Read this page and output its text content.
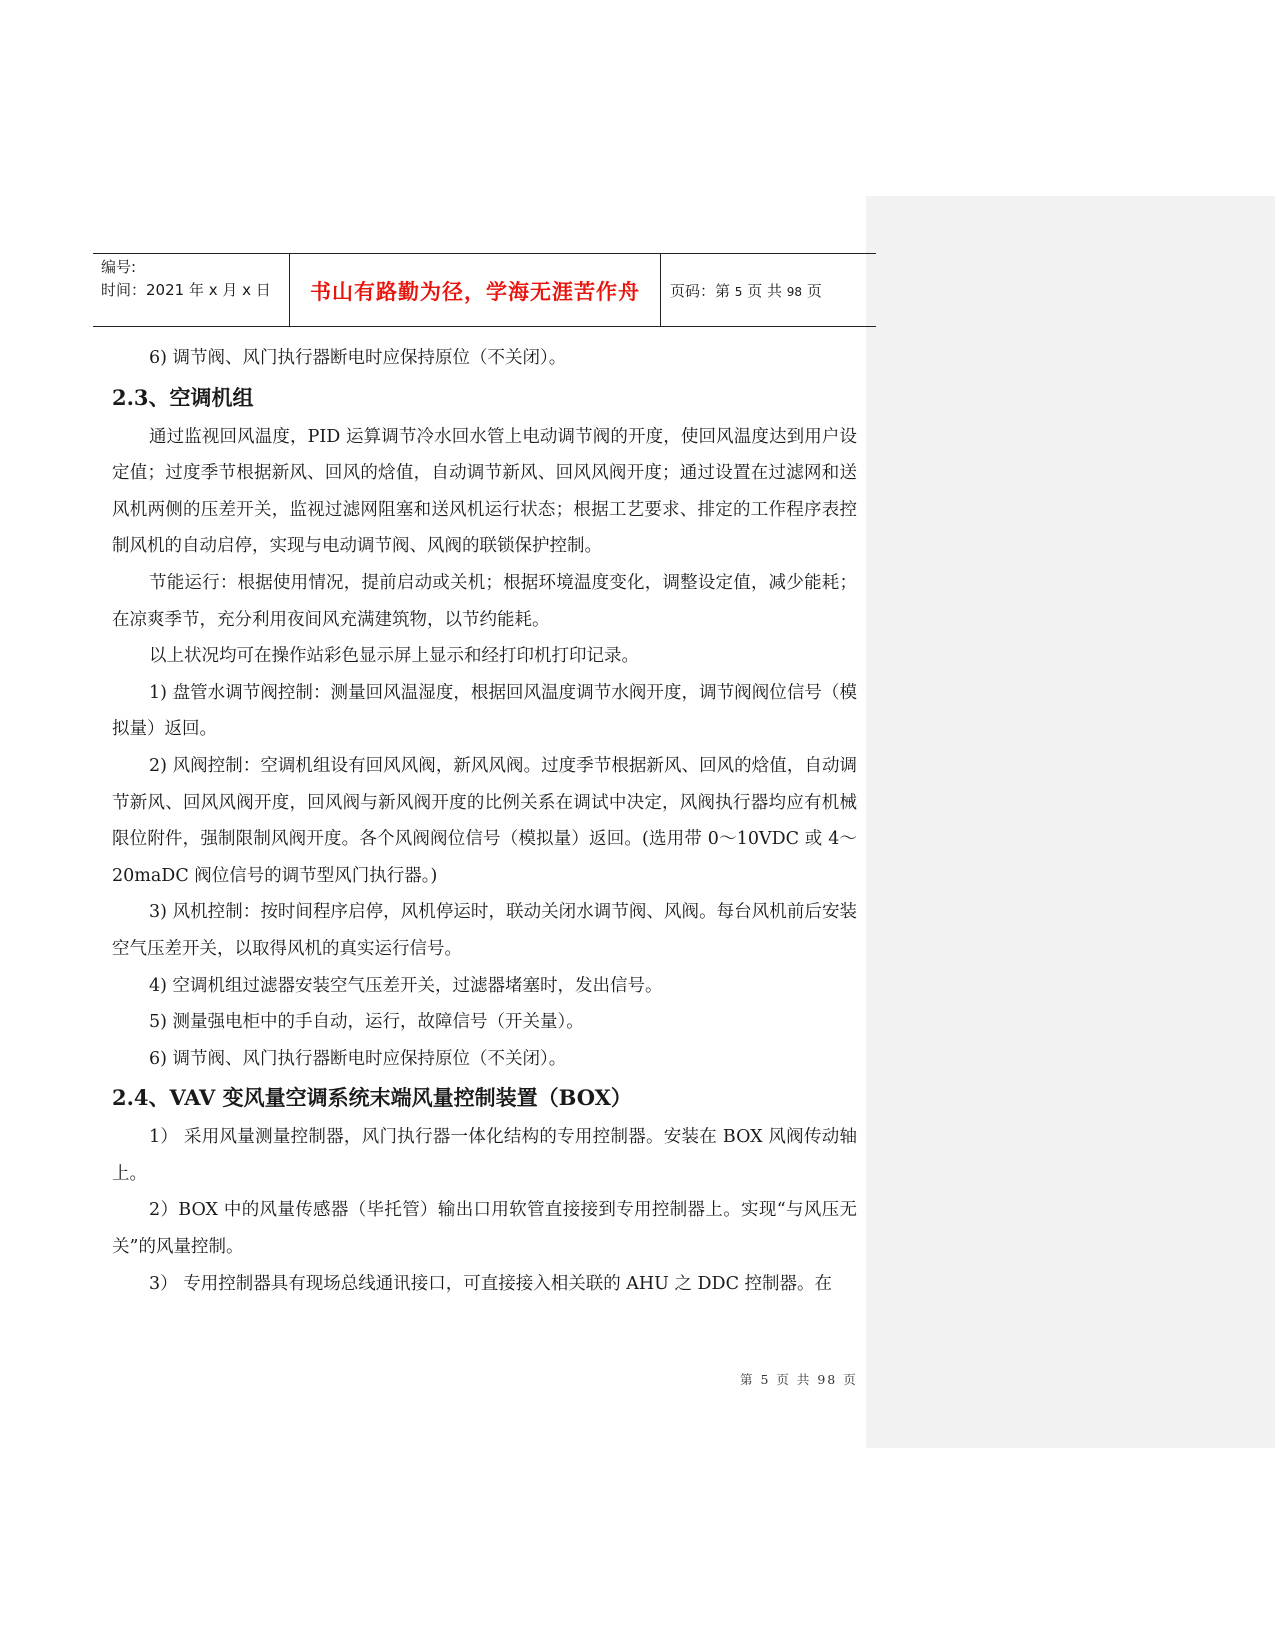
编号:
时间：2021 年 x 月 x 日	书山有路勤为径，学海无涯苦作舟	页码：第 5 页 共 98 页

6) 调节阀、风门执行器断电时应保持原位（不关闭）。

2.3、空调机组

通过监视回风温度，PID 运算调节冷水回水管上电动调节阀的开度，使回风温度达到用户设定值；过度季节根据新风、回风的焓值，自动调节新风、回风风阀开度；通过设置在过滤网和送风机两侧的压差开关，监视过滤网阻塞和送风机运行状态；根据工艺要求、排定的工作程序表控制风机的自动启停，实现与电动调节阀、风阀的联锁保护控制。

节能运行：根据使用情况，提前启动或关机；根据环境温度变化，调整设定值，减少能耗；在凉爽季节，充分利用夜间风充满建筑物，以节约能耗。

以上状况均可在操作站彩色显示屏上显示和经打印机打印记录。

1) 盘管水调节阀控制：测量回风温湿度，根据回风温度调节水阀开度，调节阀阀位信号（模拟量）返回。

2) 风阀控制：空调机组设有回风风阀，新风风阀。过度季节根据新风、回风的焓值，自动调节新风、回风风阀开度，回风阀与新风阀开度的比例关系在调试中决定，风阀执行器均应有机械限位附件，强制限制风阀开度。各个风阀阀位信号（模拟量）返回。(选用带 0～10VDC 或 4～20maDC 阀位信号的调节型风门执行器。)

3) 风机控制：按时间程序启停，风机停运时，联动关闭水调节阀、风阀。每台风机前后安装空气压差开关，以取得风机的真实运行信号。

4) 空调机组过滤器安装空气压差开关，过滤器堵塞时，发出信号。

5) 测量强电柜中的手自动，运行，故障信号（开关量）。

6) 调节阀、风门执行器断电时应保持原位（不关闭）。

2.4、VAV 变风量空调系统末端风量控制装置（BOX）

1） 采用风量测量控制器，风门执行器一体化结构的专用控制器。安装在 BOX 风阀传动轴上。

2）BOX 中的风量传感器（毕托管）输出口用软管直接接到专用控制器上。实现“与风压无关”的风量控制。

3） 专用控制器具有现场总线通讯接口，可直接接入相关联的 AHU 之 DDC 控制器。在

第 5 页 共 98 页
